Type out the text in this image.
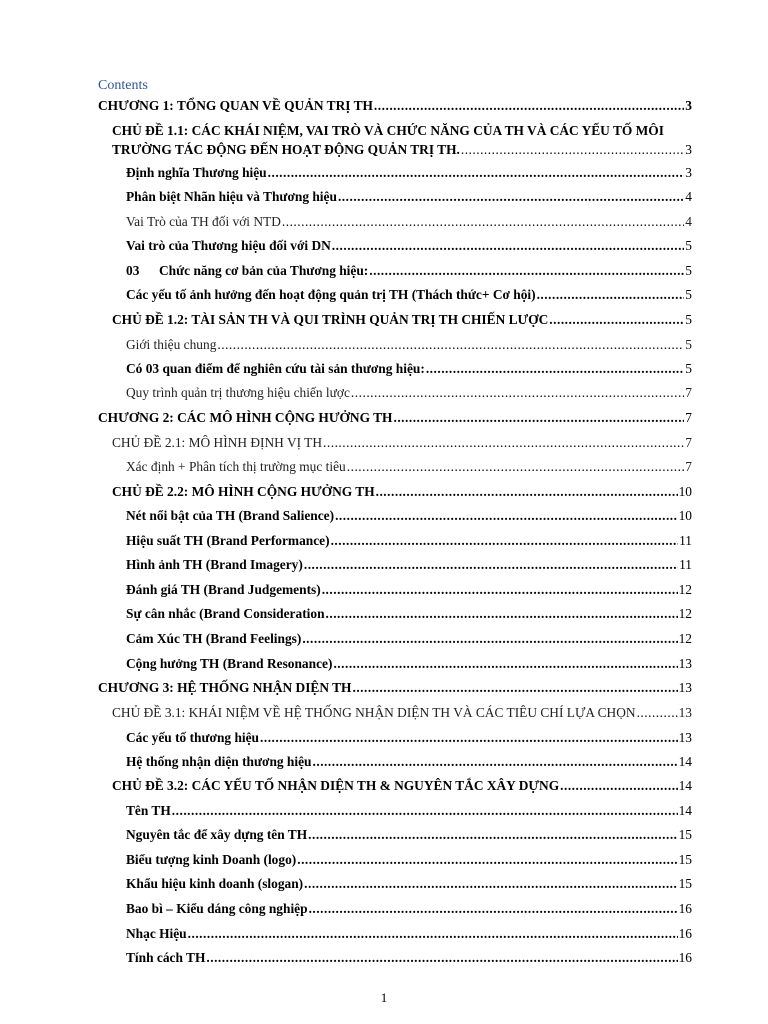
Contents
CHƯƠNG 1: TỔNG QUAN VỀ QUẢN TRỊ TH .....	3
CHỦ ĐỀ 1.1: CÁC KHÁI NIỆM, VAI TRÒ VÀ CHỨC NĂNG CỦA TH VÀ CÁC YẾU TỐ MÔI
TRƯỜNG TÁC ĐỘNG ĐẾN HOẠT ĐỘNG QUẢN TRỊ TH. .....	3
Định nghĩa Thương hiệu .....	3
Phân biệt Nhãn hiệu và Thương hiệu .....	4
Vai Trò của TH đối với NTD .....	4
Vai trò của Thương hiệu đối với DN .....	5
03 Chức năng cơ bản của Thương hiệu: .....	5
Các yếu tố ảnh hưởng đến hoạt động quản trị TH (Thách thức+ Cơ hội) .....	5
CHỦ ĐỀ 1.2: TÀI SẢN TH VÀ QUI TRÌNH QUẢN TRỊ TH CHIẾN LƯỢC .....	5
Giới thiệu chung .....	5
Có 03 quan điểm để nghiên cứu tài sản thương hiệu: .....	5
Quy trình quản trị thương hiệu chiến lược .....	7
CHƯƠNG 2: CÁC MÔ HÌNH CỘNG HƯỞNG TH .....	7
CHỦ ĐỀ 2.1: MÔ HÌNH ĐỊNH VỊ TH .....	7
Xác định + Phân tích thị trường mục tiêu .....	7
CHỦ ĐỀ 2.2: MÔ HÌNH CỘNG HƯỞNG TH .....	10
Nét nổi bật của TH (Brand Salience) .....	10
Hiệu suất TH (Brand Performance) .....	11
Hình ảnh TH (Brand Imagery) .....	11
Đánh giá TH (Brand Judgements) .....	12
Sự cân nhắc (Brand Consideration .....	12
Cảm Xúc TH (Brand Feelings) .....	12
Cộng hưởng TH (Brand Resonance) .....	13
CHƯƠNG 3: HỆ THỐNG NHẬN DIỆN TH .....	13
CHỦ ĐỀ 3.1: KHÁI NIỆM VỀ HỆ THỐNG NHẬN DIỆN TH VÀ CÁC TIÊU CHÍ LỰA CHỌN .....	13
Các yếu tố thương hiệu .....	13
Hệ thống nhận diện thương hiệu .....	14
CHỦ ĐỀ 3.2: CÁC YẾU TỐ NHẬN DIỆN TH & NGUYÊN TẮC XÂY DỰNG .....	14
Tên TH .....	14
Nguyên tắc để xây dựng tên TH .....	15
Biểu tượng kinh Doanh (logo) .....	15
Khẩu hiệu kinh doanh (slogan) .....	15
Bao bì – Kiểu dáng công nghiệp .....	16
Nhạc Hiệu .....	16
Tính cách TH .....	16
1
